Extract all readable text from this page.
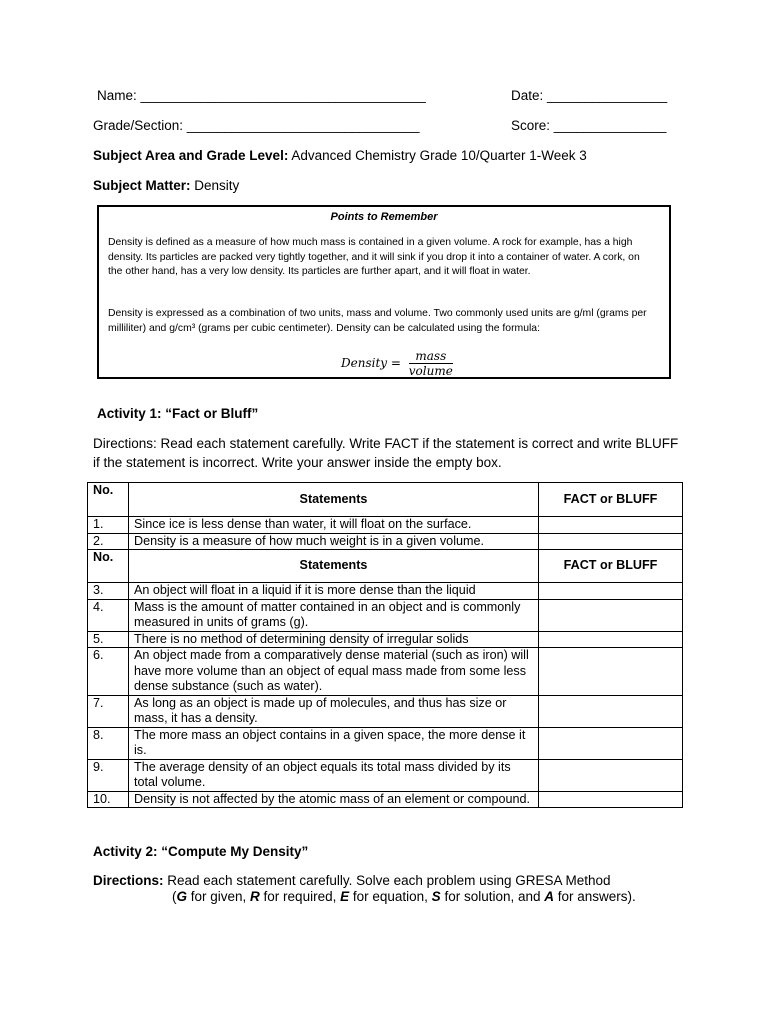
Name: ______________________________________	Date: ________________
Grade/Section: _______________________________	Score: _______________
Subject Area and Grade Level: Advanced Chemistry Grade 10/Quarter 1-Week 3
Subject Matter: Density
Points to Remember
Density is defined as a measure of how much mass is contained in a given volume. A rock for example, has a high density. Its particles are packed very tightly together, and it will sink if you drop it into a container of water. A cork, on the other hand, has a very low density. Its particles are further apart, and it will float in water.
Density is expressed as a combination of two units, mass and volume. Two commonly used units are g/ml (grams per milliliter) and g/cm³ (grams per cubic centimeter). Density can be calculated using the formula:
Density = $\frac{\text{mass}}{\text{volume}}$
Activity 1: “Fact or Bluff”
Directions: Read each statement carefully. Write FACT if the statement is correct and write BLUFF if the statement is incorrect. Write your answer inside the empty box.
No.	Statements	FACT or BLUFF
1.	Since ice is less dense than water, it will float on the surface.	
2.	Density is a measure of how much weight is in a given volume.	
No.	Statements	FACT or BLUFF
3.	An object will float in a liquid if it is more dense than the liquid	
4.	Mass is the amount of matter contained in an object and is commonly measured in units of grams (g).	
5.	There is no method of determining density of irregular solids	
6.	An object made from a comparatively dense material (such as iron) will have more volume than an object of equal mass made from some less dense substance (such as water).	
7.	As long as an object is made up of molecules, and thus has size or mass, it has a density.	
8.	The more mass an object contains in a given space, the more dense it is.	
9.	The average density of an object equals its total mass divided by its total volume.	
10.	Density is not affected by the atomic mass of an element or compound.	
Activity 2: “Compute My Density”
Directions: Read each statement carefully. Solve each problem using GRESA Method
(G for given, R for required, E for equation, S for solution, and A for answers).
